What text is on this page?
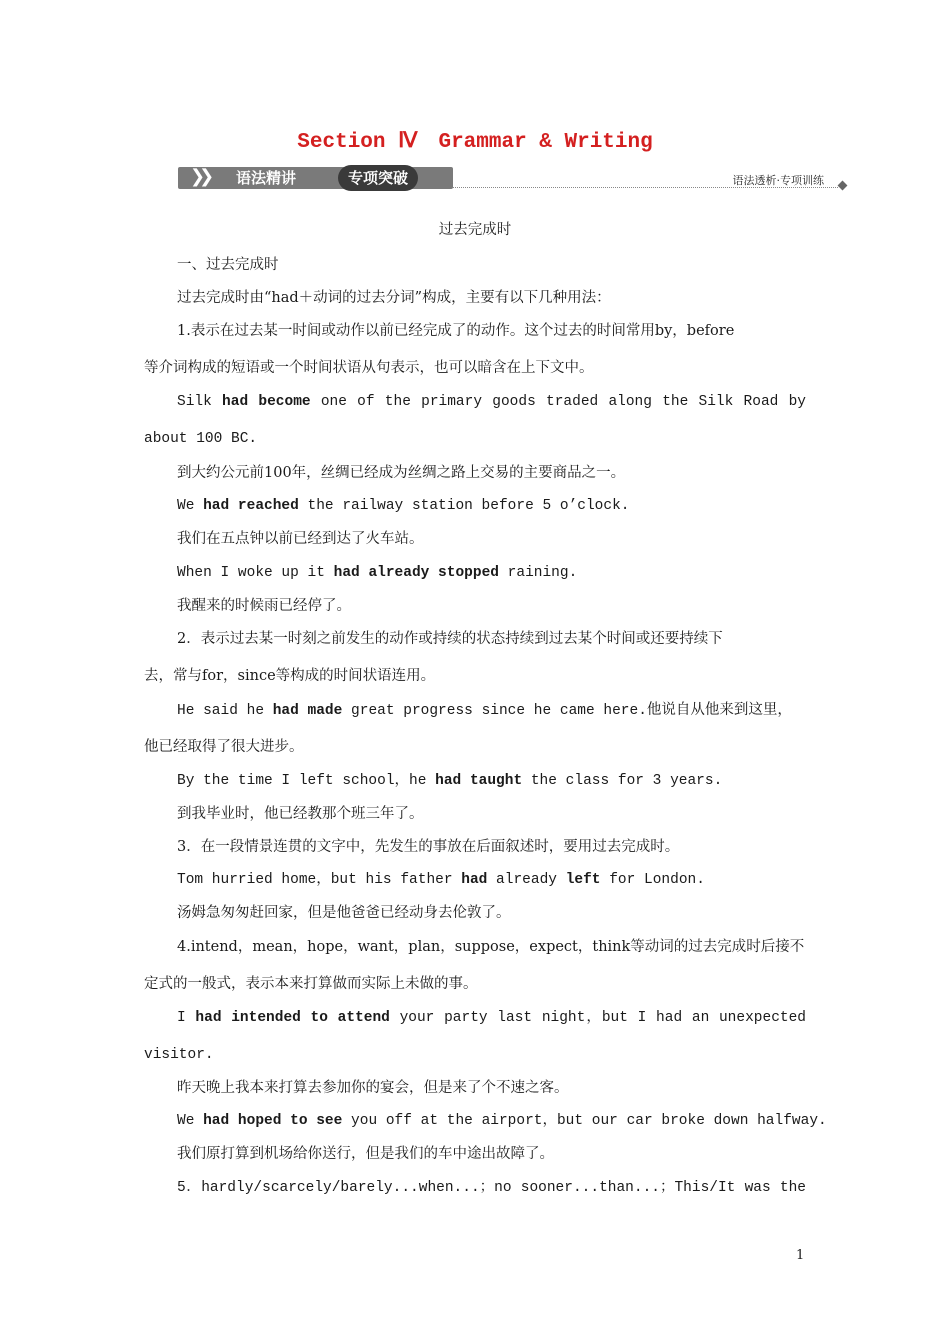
Section Ⅳ　Grammar & Writing
❯❯ 语法精讲	专项突破	语法透析·专项训练
过去完成时
一、过去完成时
过去完成时由“had＋动词的过去分词”构成，主要有以下几种用法：
1.表示在过去某一时间或动作以前已经完成了的动作。这个过去的时间常用by，before
等介词构成的短语或一个时间状语从句表示，也可以暗含在上下文中。
Silk had become one of the primary goods traded along the Silk Road by
about 100 BC.
到大约公元前100年，丝绸已经成为丝绸之路上交易的主要商品之一。
We had reached the railway station before 5 o’clock.
我们在五点钟以前已经到达了火车站。
When I woke up it had already stopped raining.
我醒来的时候雨已经停了。
2．表示过去某一时刻之前发生的动作或持续的状态持续到过去某个时间或还要持续下
去，常与for，since等构成的时间状语连用。
He said he had made great progress since he came here.他说自从他来到这里，
他已经取得了很大进步。
By the time I left school，he had taught the class for 3 years.
到我毕业时，他已经教那个班三年了。
3．在一段情景连贯的文字中，先发生的事放在后面叙述时，要用过去完成时。
Tom hurried home，but his father had already left for London.
汤姆急匆匆赶回家，但是他爸爸已经动身去伦敦了。
4.intend，mean，hope，want，plan，suppose，expect，think等动词的过去完成时后接不
定式的一般式，表示本来打算做而实际上未做的事。
I had intended to attend your party last night，but I had an unexpected
visitor.
昨天晚上我本来打算去参加你的宴会，但是来了个不速之客。
We had hoped to see you off at the airport，but our car broke down halfway.
我们原打算到机场给你送行，但是我们的车中途出故障了。
5．hardly/scarcely/barely...when...；no sooner...than...；This/It was the
1
